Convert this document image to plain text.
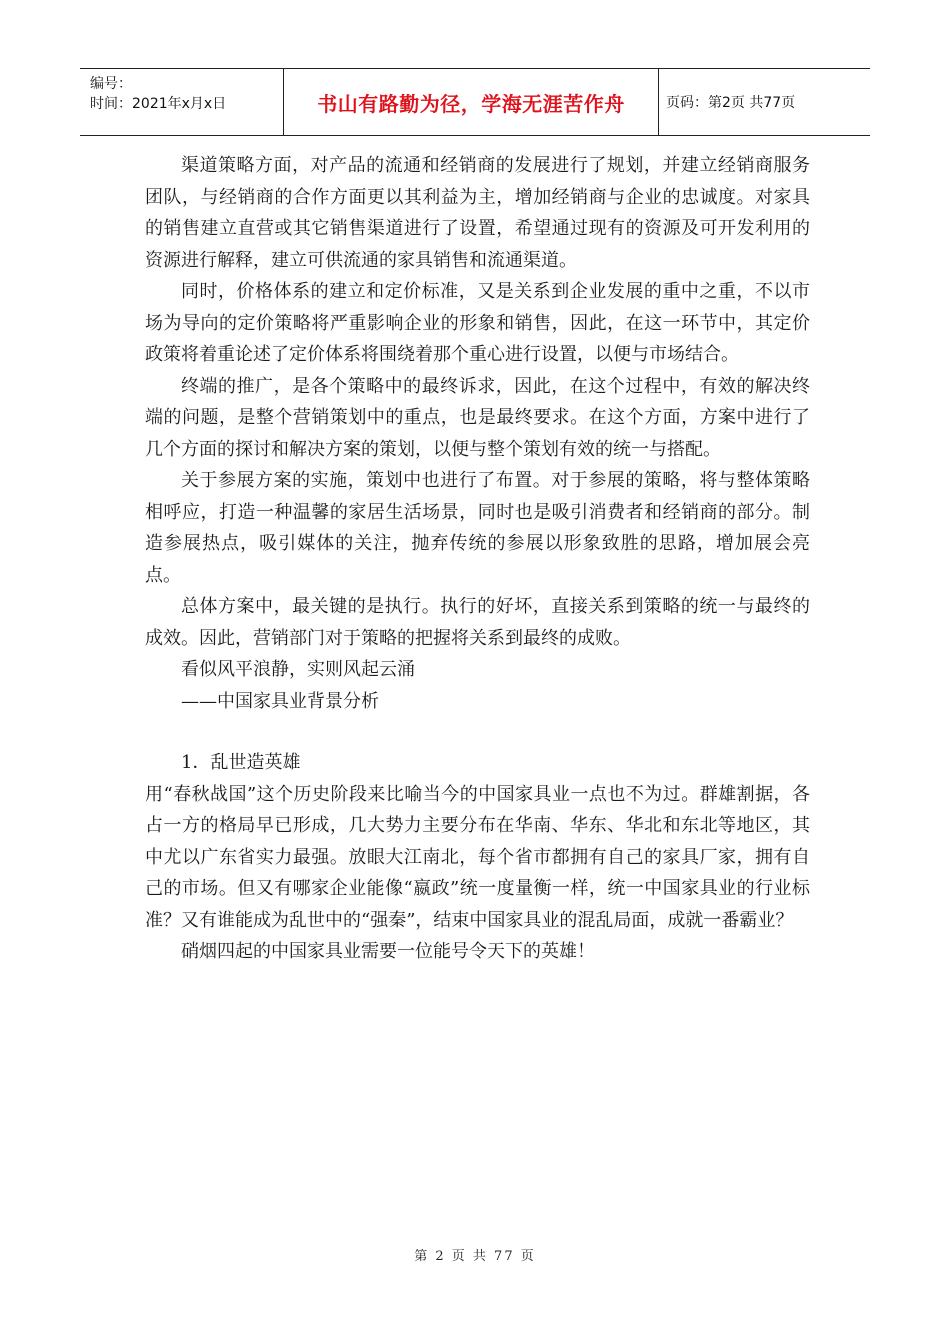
编号：
时间：2021年x月x日	书山有路勤为径，学海无涯苦作舟	页码：第2页 共77页

渠道策略方面，对产品的流通和经销商的发展进行了规划，并建立经销商服务团队，与经销商的合作方面更以其利益为主，增加经销商与企业的忠诚度。对家具的销售建立直营或其它销售渠道进行了设置，希望通过现有的资源及可开发利用的资源进行解释，建立可供流通的家具销售和流通渠道。

同时，价格体系的建立和定价标准，又是关系到企业发展的重中之重，不以市场为导向的定价策略将严重影响企业的形象和销售，因此，在这一环节中，其定价政策将着重论述了定价体系将围绕着那个重心进行设置，以便与市场结合。

终端的推广，是各个策略中的最终诉求，因此，在这个过程中，有效的解决终端的问题，是整个营销策划中的重点，也是最终要求。在这个方面，方案中进行了几个方面的探讨和解决方案的策划，以便与整个策划有效的统一与搭配。

关于参展方案的实施，策划中也进行了布置。对于参展的策略，将与整体策略相呼应，打造一种温馨的家居生活场景，同时也是吸引消费者和经销商的部分。制造参展热点，吸引媒体的关注，抛弃传统的参展以形象致胜的思路，增加展会亮点。

总体方案中，最关键的是执行。执行的好坏，直接关系到策略的统一与最终的成效。因此，营销部门对于策略的把握将关系到最终的成败。

看似风平浪静，实则风起云涌

——中国家具业背景分析

1．乱世造英雄

用“春秋战国”这个历史阶段来比喻当今的中国家具业一点也不为过。群雄割据，各占一方的格局早已形成，几大势力主要分布在华南、华东、华北和东北等地区，其中尤以广东省实力最强。放眼大江南北，每个省市都拥有自己的家具厂家，拥有自己的市场。但又有哪家企业能像“嬴政”统一度量衡一样，统一中国家具业的行业标准？又有谁能成为乱世中的“强秦”，结束中国家具业的混乱局面，成就一番霸业？

硝烟四起的中国家具业需要一位能号令天下的英雄！

第 2 页 共 77 页
